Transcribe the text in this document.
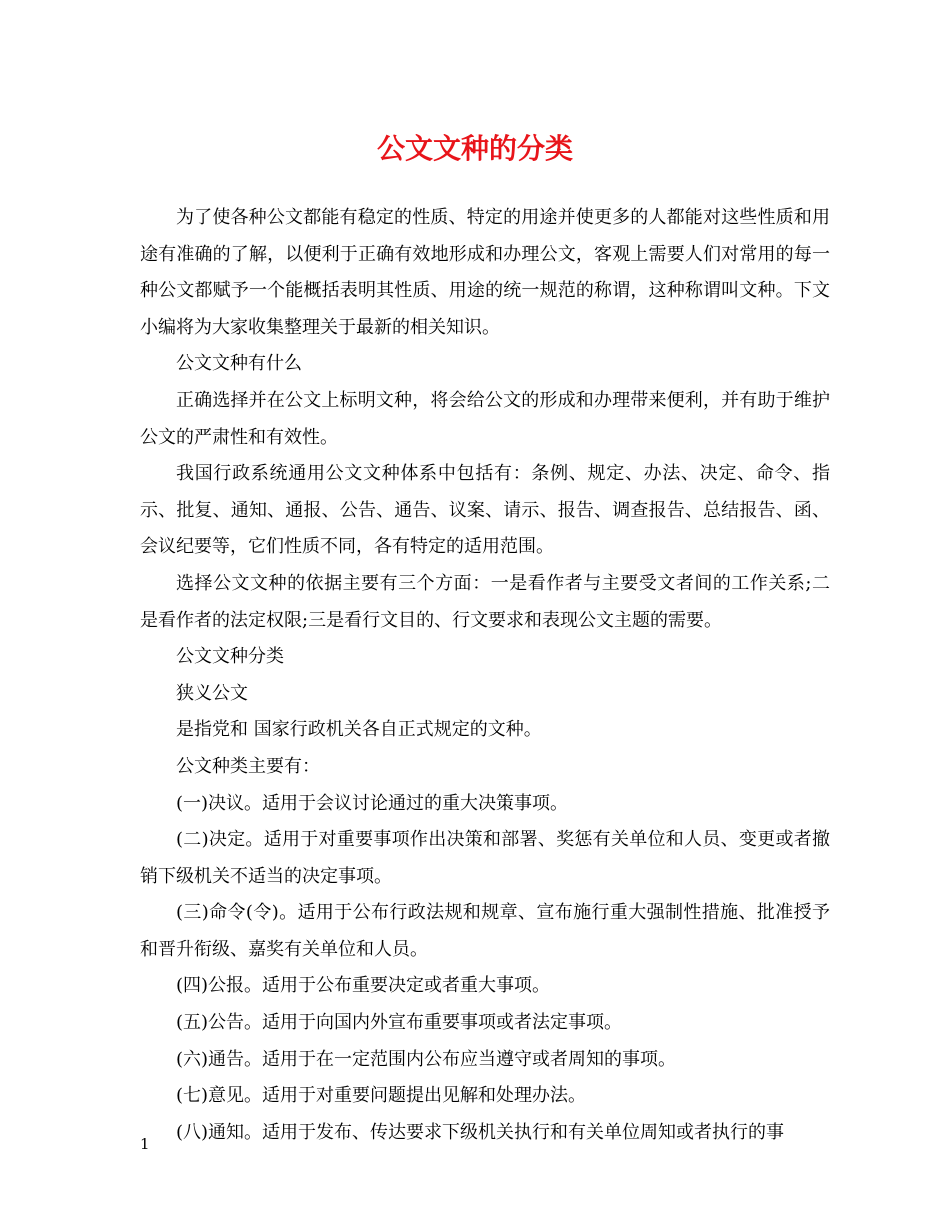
公文文种的分类

为了使各种公文都能有稳定的性质、特定的用途并使更多的人都能对这些性质和用途有准确的了解，以便利于正确有效地形成和办理公文，客观上需要人们对常用的每一种公文都赋予一个能概括表明其性质、用途的统一规范的称谓，这种称谓叫文种。下文小编将为大家收集整理关于最新的相关知识。

公文文种有什么

正确选择并在公文上标明文种，将会给公文的形成和办理带来便利，并有助于维护公文的严肃性和有效性。

我国行政系统通用公文文种体系中包括有：条例、规定、办法、决定、命令、指示、批复、通知、通报、公告、通告、议案、请示、报告、调查报告、总结报告、函、会议纪要等，它们性质不同，各有特定的适用范围。

选择公文文种的依据主要有三个方面：一是看作者与主要受文者间的工作关系;二是看作者的法定权限;三是看行文目的、行文要求和表现公文主题的需要。

公文文种分类

狭义公文

是指党和 国家行政机关各自正式规定的文种。

公文种类主要有：

(一)决议。适用于会议讨论通过的重大决策事项。

(二)决定。适用于对重要事项作出决策和部署、奖惩有关单位和人员、变更或者撤销下级机关不适当的决定事项。

(三)命令(令)。适用于公布行政法规和规章、宣布施行重大强制性措施、批准授予和晋升衔级、嘉奖有关单位和人员。

(四)公报。适用于公布重要决定或者重大事项。

(五)公告。适用于向国内外宣布重要事项或者法定事项。

(六)通告。适用于在一定范围内公布应当遵守或者周知的事项。

(七)意见。适用于对重要问题提出见解和处理办法。

(八)通知。适用于发布、传达要求下级机关执行和有关单位周知或者执行的事

1
